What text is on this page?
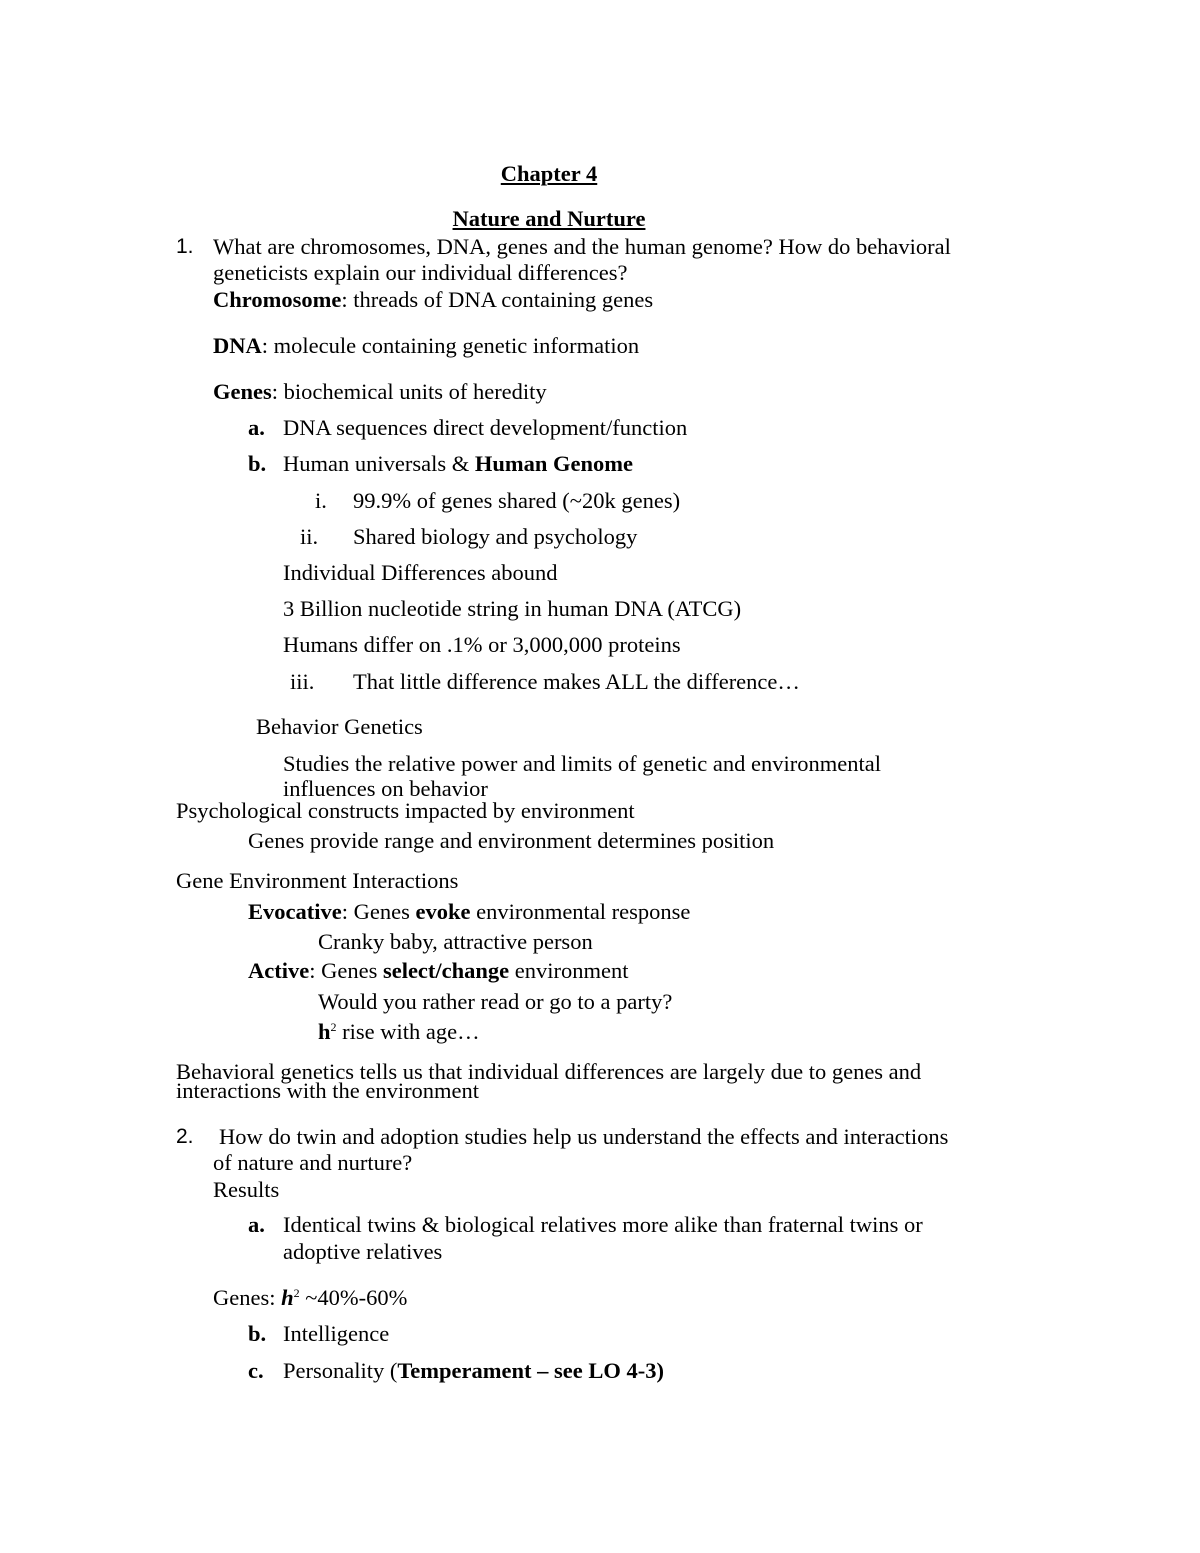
Chapter 4
Nature and Nurture
1. What are chromosomes, DNA, genes and the human genome? How do behavioral
geneticists explain our individual differences?
Chromosome: threads of DNA containing genes
DNA: molecule containing genetic information
Genes: biochemical units of heredity
a. DNA sequences direct development/function
b. Human universals & Human Genome
i. 99.9% of genes shared (~20k genes)
ii. Shared biology and psychology
Individual Differences abound
3 Billion nucleotide string in human DNA (ATCG)
Humans differ on .1% or 3,000,000 proteins
iii. That little difference makes ALL the difference…
Behavior Genetics
Studies the relative power and limits of genetic and environmental
influences on behavior
Psychological constructs impacted by environment
Genes provide range and environment determines position
Gene Environment Interactions
Evocative: Genes evoke environmental response
Cranky baby, attractive person
Active: Genes select/change environment
Would you rather read or go to a party?
$h^2$ rise with age…
Behavioral genetics tells us that individual differences are largely due to genes and
interactions with the environment
2. How do twin and adoption studies help us understand the effects and interactions
of nature and nurture?
Results
a. Identical twins & biological relatives more alike than fraternal twins or
adoptive relatives
Genes: $h^2$ ~40%-60%
b. Intelligence
c. Personality (Temperament – see LO 4-3)
